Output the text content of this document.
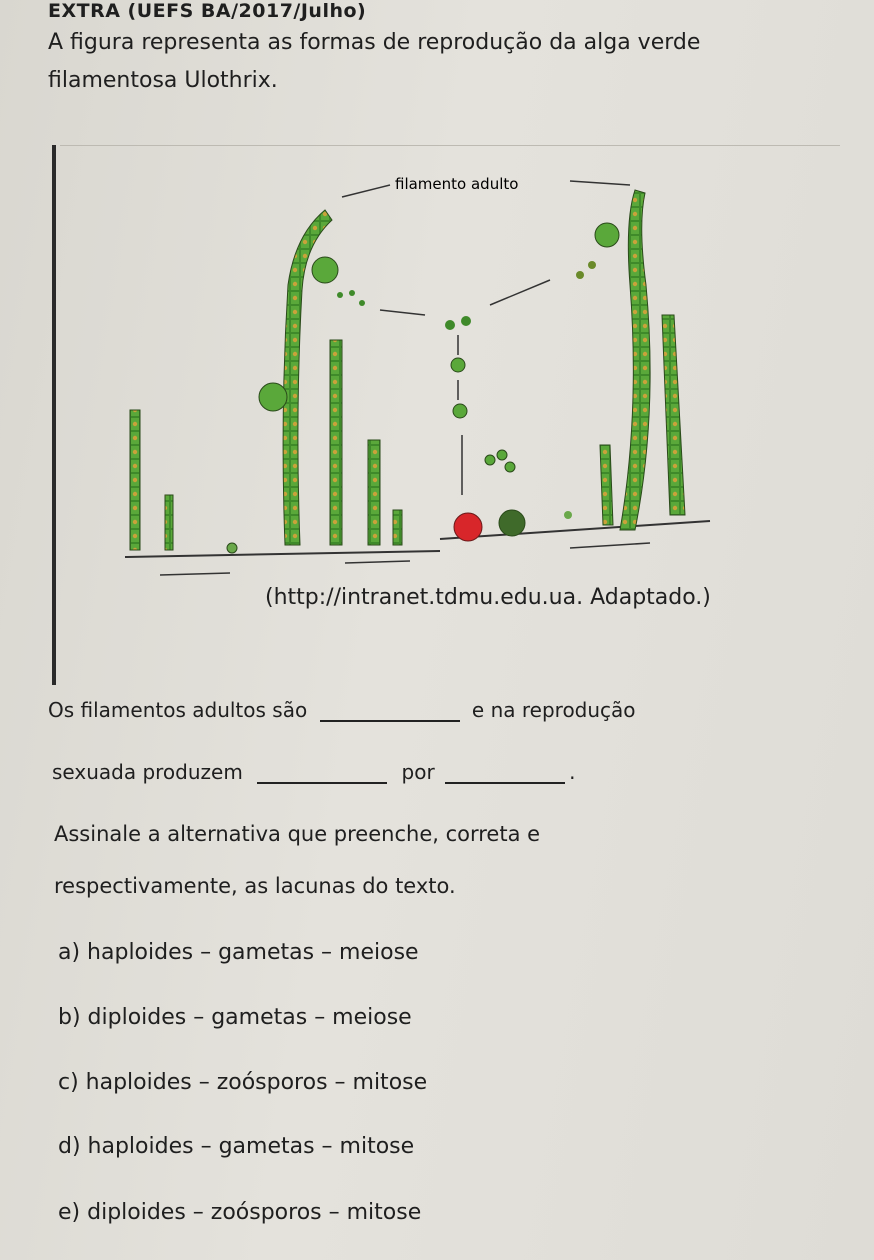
EXTRA (UEFS BA/2017/Julho)
A figura representa as formas de reprodução da alga verde filamentosa Ulothrix.
filamento adulto
(http://intranet.tdmu.edu.ua. Adaptado.)
Os filamentos adultos são	e na reprodução
sexuada produzem	por	.
Assinale a alternativa que preenche, correta e
respectivamente, as lacunas do texto.
a) haploides – gametas – meiose
b) diploides – gametas – meiose
c) haploides – zoósporos – mitose
d) haploides – gametas – mitose
e) diploides – zoósporos – mitose
